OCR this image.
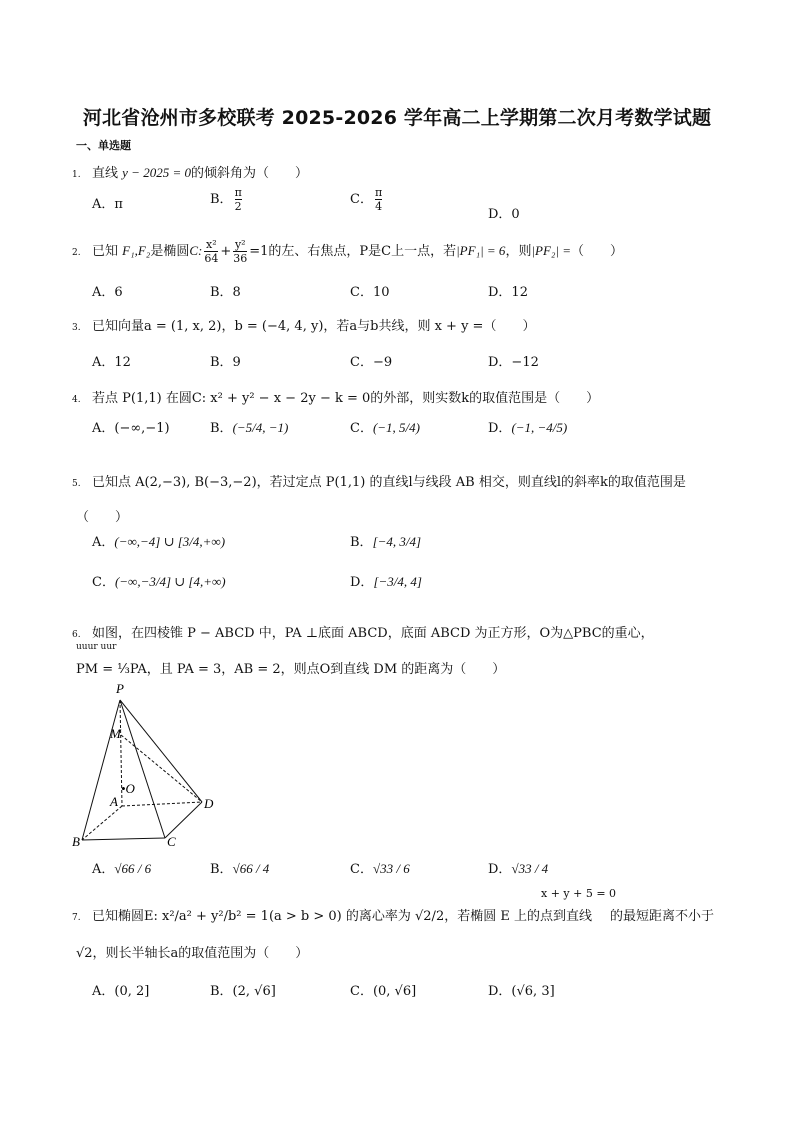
河北省沧州市多校联考 2025-2026 学年高二上学期第二次月考数学试题
一、单选题
1. 直线 y − 2025 = 0的倾斜角为（　　）
A．π	B． $\frac{\pi}{2}$	C． $\frac{\pi}{4}$
D．0
2. 已知 F₁,F₂是椭圆C: $\frac{\text{x²}}{64} + \frac{\text{y²}}{36} =1$的左、右焦点，P是C上一点，若|PF₁| = 6，则|PF₂| =（　　）
A．6	B．8	C．10	D．12
3. 已知向量a = (1, x, 2)，b = (−4, 4, y)，若a与b共线，则 x + y =（　　）
A．12	B．9	C．−9	D．−12
4. 若点 P(1,1) 在圆C: x² + y² − x − 2y − k = 0的外部，则实数k的取值范围是（　　）
A．(−∞,−1)	B．(−5/4, −1)	C．(−1, 5/4)	D．(−1, −4/5)
5. 已知点 A(2,−3), B(−3,−2)，若过定点 P(1,1) 的直线l与线段 AB 相交，则直线l的斜率k的取值范围是
（　　）
A．(−∞,−4] ∪ [3/4,+∞)	B．[−4, 3/4]
C．(−∞,−3/4] ∪ [4,+∞)	D．[−3/4, 4]
6. 如图，在四棱锥 P − ABCD 中，PA ⊥底面 ABCD，底面 ABCD 为正方形，O为△PBC的重心，
uuur uur
PM = ⅓PA，且 PA = 3，AB = 2，则点O到直线 DM 的距离为（　　）
P
M
•O
A
B	C
D
A．√66 / 6	B．√66 / 4	C．√33 / 6	D．√33 / 4
7. 已知椭圆E: x²/a² + y²/b² = 1(a > b > 0) 的离心率为 √2/2，若椭圆 E 上的点到直线
x + y + 5 = 0
的最短距离不小于
√2，则长半轴长a的取值范围为（　　）
A．(0, 2]	B．(2, √6]	C．(0, √6]	D．(√6, 3]
